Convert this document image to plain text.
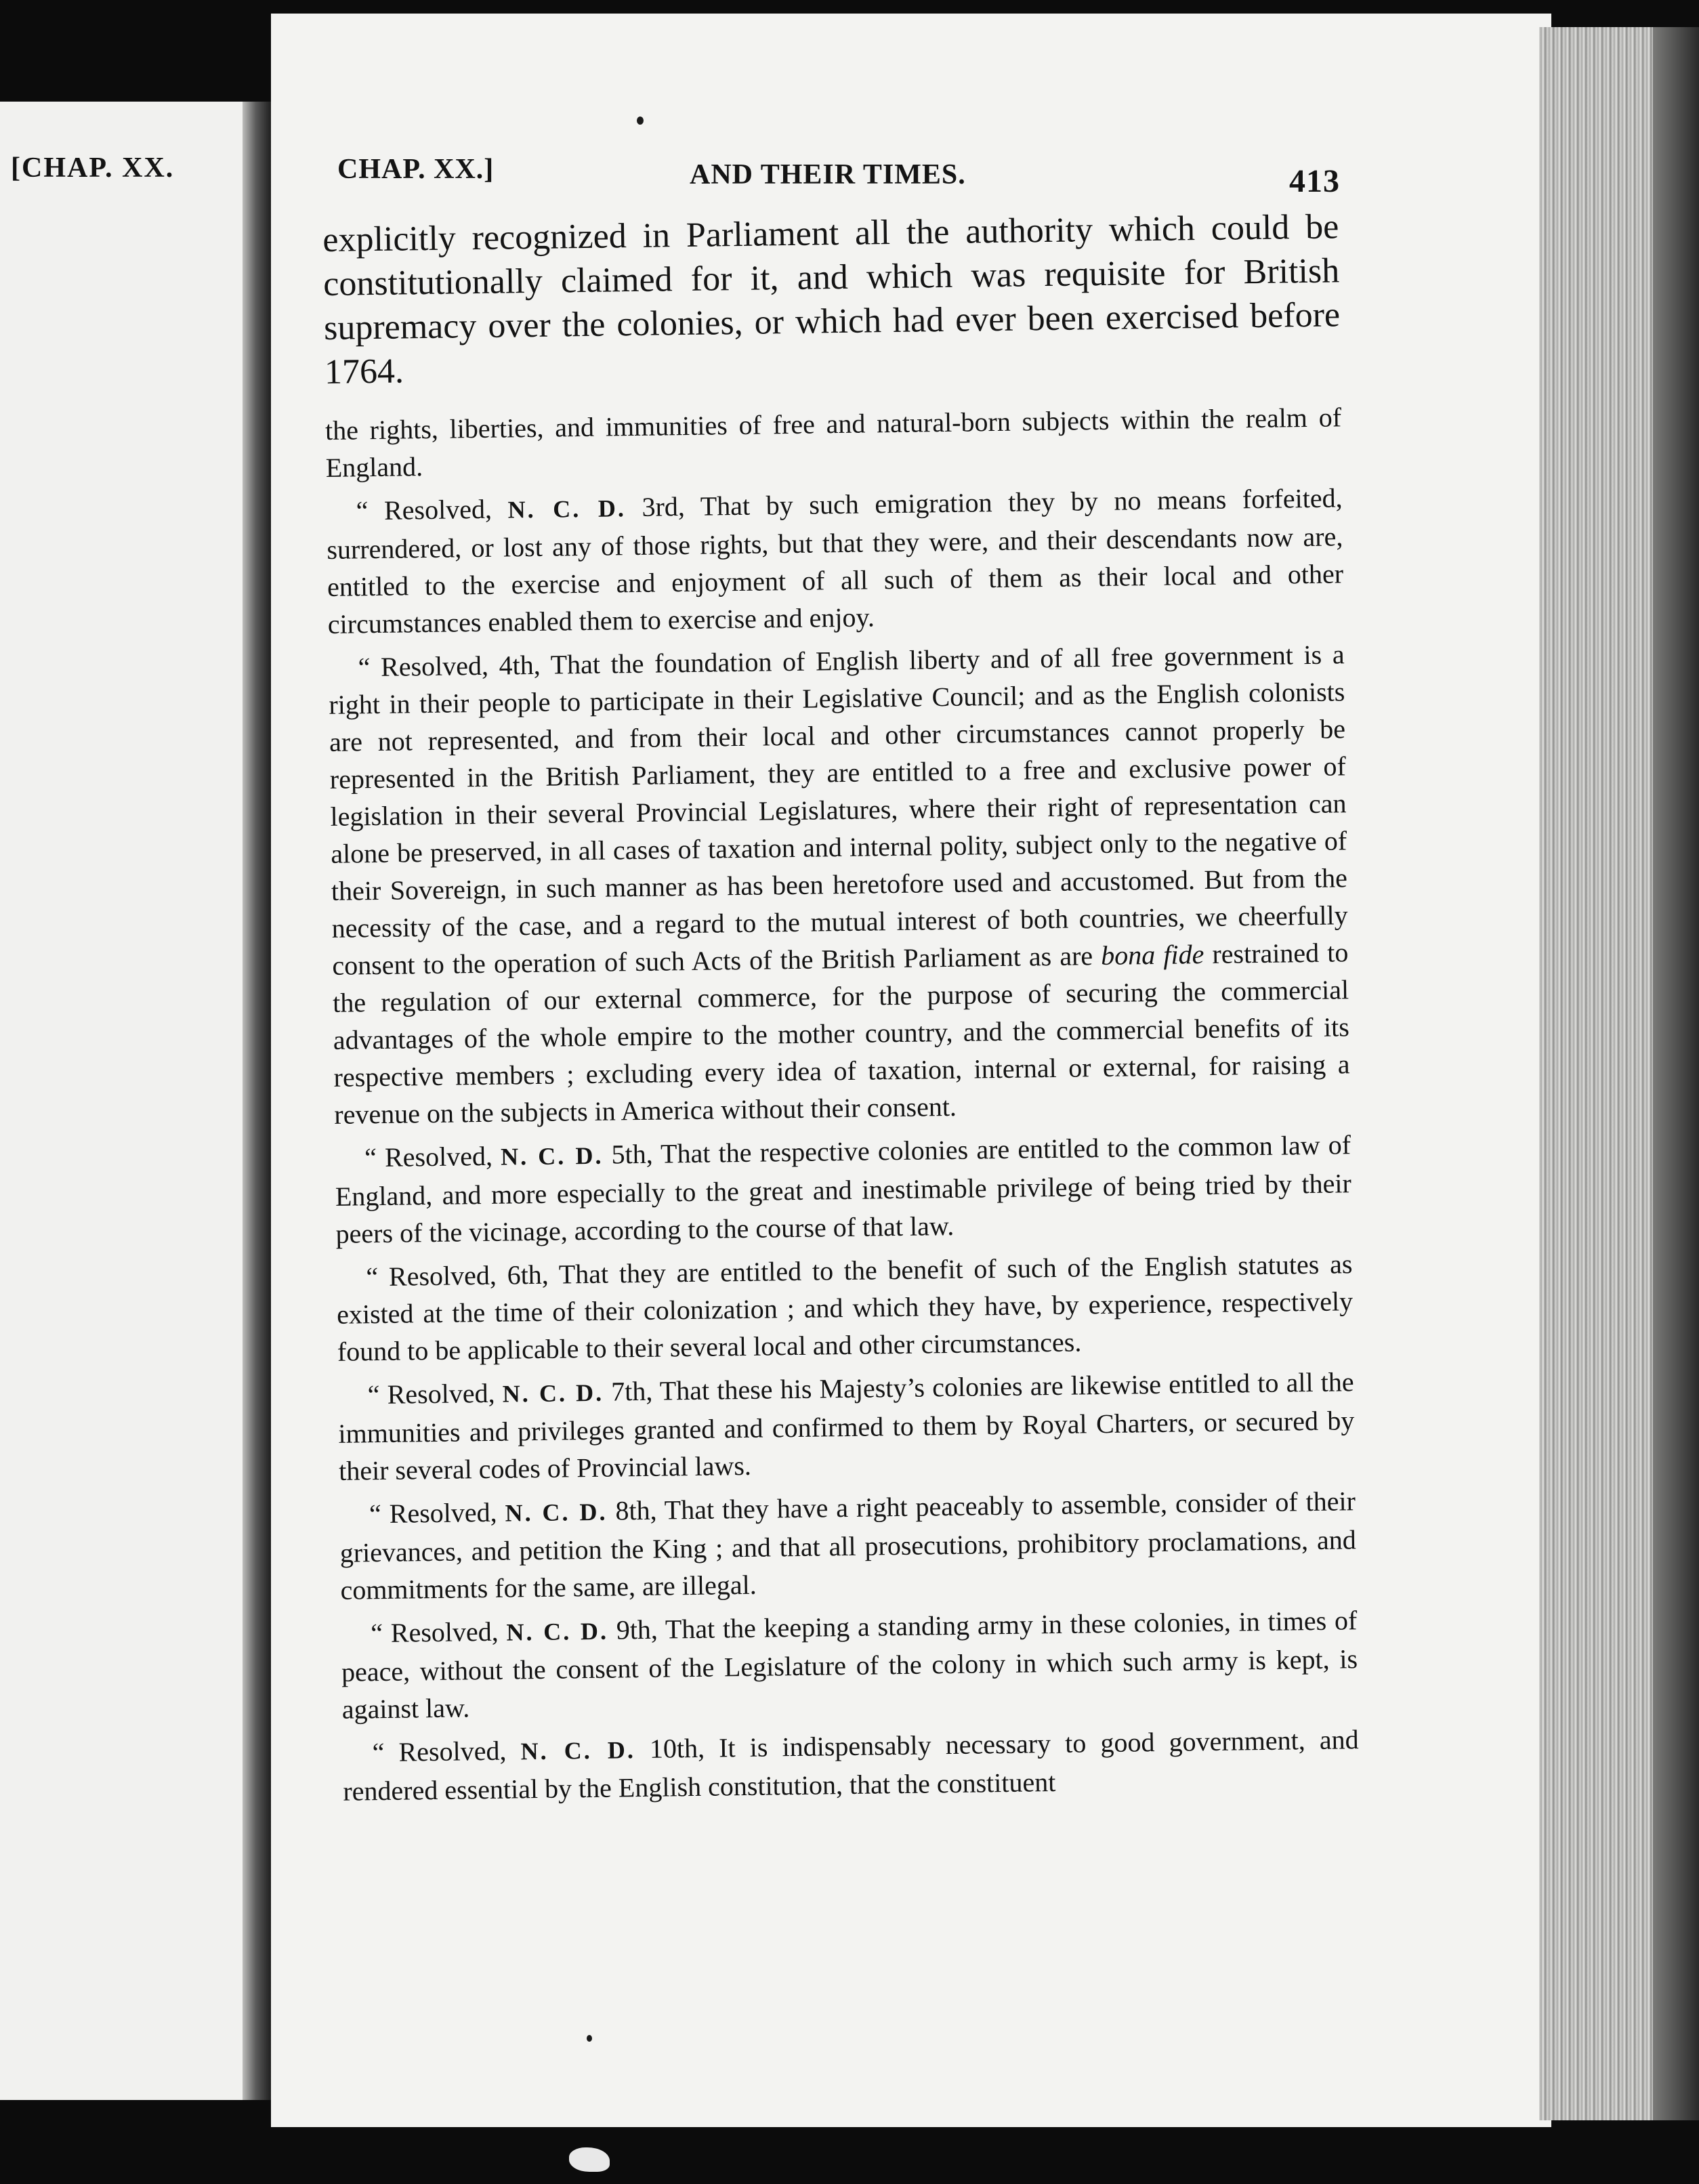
[CHAP. XX.	CHAP. XX.]	AND THEIR TIMES.	413

explicitly recognized in Parliament all the authority which could be constitutionally claimed for it, and which was requisite for British supremacy over the colonies, or which had ever been exercised before 1764.

the rights, liberties, and immunities of free and natural-born subjects within the realm of England.

“ Resolved, N. C. D. 3rd, That by such emigration they by no means forfeited, surrendered, or lost any of those rights, but that they were, and their descendants now are, entitled to the exercise and enjoyment of all such of them as their local and other circumstances enabled them to exercise and enjoy.

“ Resolved, 4th, That the foundation of English liberty and of all free government is a right in their people to participate in their Legislative Council; and as the English colonists are not represented, and from their local and other circumstances cannot properly be represented in the British Parliament, they are entitled to a free and exclusive power of legislation in their several Provincial Legislatures, where their right of representation can alone be preserved, in all cases of taxation and internal polity, subject only to the negative of their Sovereign, in such manner as has been heretofore used and accustomed. But from the necessity of the case, and a regard to the mutual interest of both countries, we cheerfully consent to the operation of such Acts of the British Parliament as are bona fide restrained to the regulation of our external commerce, for the purpose of securing the commercial advantages of the whole empire to the mother country, and the commercial benefits of its respective members ; excluding every idea of taxation, internal or external, for raising a revenue on the subjects in America without their consent.

“ Resolved, N. C. D. 5th, That the respective colonies are entitled to the common law of England, and more especially to the great and inestimable privilege of being tried by their peers of the vicinage, according to the course of that law.

“ Resolved, 6th, That they are entitled to the benefit of such of the English statutes as existed at the time of their colonization ; and which they have, by experience, respectively found to be applicable to their several local and other circumstances.

“ Resolved, N. C. D. 7th, That these his Majesty’s colonies are likewise entitled to all the immunities and privileges granted and confirmed to them by Royal Charters, or secured by their several codes of Provincial laws.

“ Resolved, N. C. D. 8th, That they have a right peaceably to assemble, consider of their grievances, and petition the King ; and that all prosecutions, prohibitory proclamations, and commitments for the same, are illegal.

“ Resolved, N. C. D. 9th, That the keeping a standing army in these colonies, in times of peace, without the consent of the Legislature of the colony in which such army is kept, is against law.

“ Resolved, N. C. D. 10th, It is indispensably necessary to good government, and rendered essential by the English constitution, that the constituent
